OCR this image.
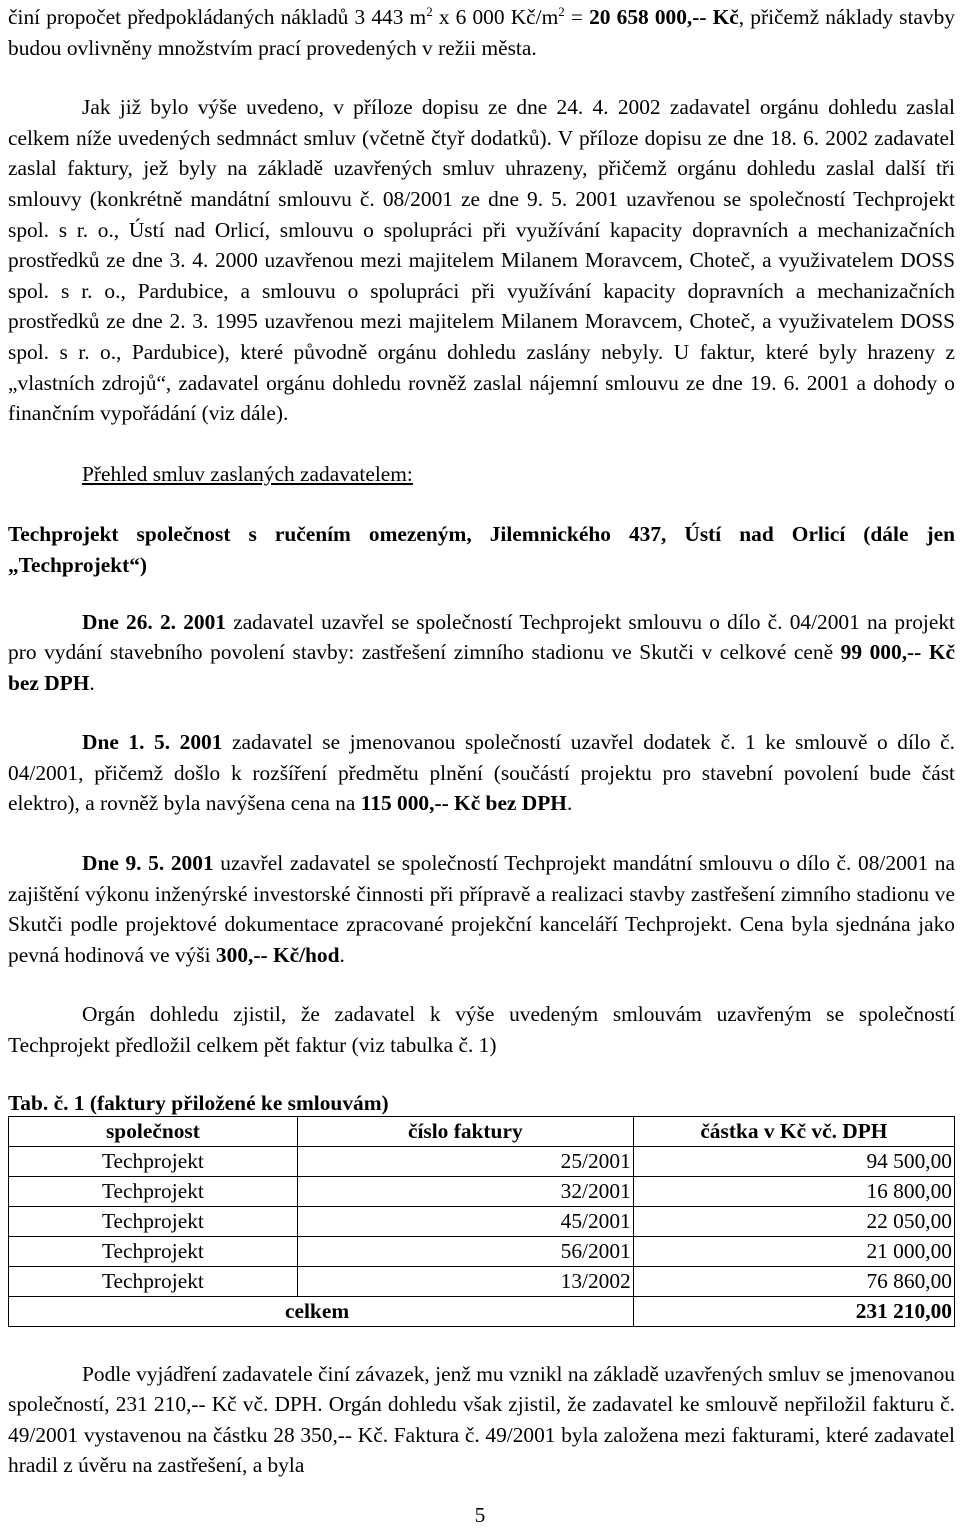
činí propočet předpokládaných nákladů 3 443 $m^2$ x 6 000 $Kč/m^2 = 20$ 658 000,-- Kč, přičemž náklady stavby budou ovlivněny množstvím prací provedených v režii města.

Jak již bylo výše uvedeno, v příloze dopisu ze dne 24. 4. 2002 zadavatel orgánu dohledu zaslal celkem níže uvedených sedmnáct smluv (včetně čtyř dodatků). V příloze dopisu ze dne 18. 6. 2002 zadavatel zaslal faktury, jež byly na základě uzavřených smluv uhrazeny, přičemž orgánu dohledu zaslal další tři smlouvy (konkrétně mandátní smlouvu č. 08/2001 ze dne 9. 5. 2001 uzavřenou se společností Techprojekt spol. s r. o., Ústí nad Orlicí, smlouvu o spolupráci při využívání kapacity dopravních a mechanizačních prostředků ze dne 3. 4. 2000 uzavřenou mezi majitelem Milanem Moravcem, Choteč, a využivatelem DOSS spol. s r. o., Pardubice, a smlouvu o spolupráci při využívání kapacity dopravních a mechanizačních prostředků ze dne 2. 3. 1995 uzavřenou mezi majitelem Milanem Moravcem, Choteč, a využivatelem DOSS spol. s r. o., Pardubice), které původně orgánu dohledu zaslány nebyly. U faktur, které byly hrazeny z „vlastních zdrojů“, zadavatel orgánu dohledu rovněž zaslal nájemní smlouvu ze dne 19. 6. 2001 a dohody o finančním vypořádání (viz dále).

Přehled smluv zaslaných zadavatelem:

Techprojekt společnost s ručením omezeným, Jilemnického 437, Ústí nad Orlicí (dále jen „Techprojekt“)

Dne 26. 2. 2001 zadavatel uzavřel se společností Techprojekt smlouvu o dílo č. 04/2001 na projekt pro vydání stavebního povolení stavby: zastřešení zimního stadionu ve Skutči v celkové ceně 99 000,-- Kč bez DPH.

Dne 1. 5. 2001 zadavatel se jmenovanou společností uzavřel dodatek č. 1 ke smlouvě o dílo č. 04/2001, přičemž došlo k rozšíření předmětu plnění (součástí projektu pro stavební povolení bude část elektro), a rovněž byla navýšena cena na 115 000,-- Kč bez DPH.

Dne 9. 5. 2001 uzavřel zadavatel se společností Techprojekt mandátní smlouvu o dílo č. 08/2001 na zajištění výkonu inženýrské investorské činnosti při přípravě a realizaci stavby zastřešení zimního stadionu ve Skutči podle projektové dokumentace zpracované projekční kanceláří Techprojekt. Cena byla sjednána jako pevná hodinová ve výši 300,-- Kč/hod.

Orgán dohledu zjistil, že zadavatel k výše uvedeným smlouvám uzavřeným se společností Techprojekt předložil celkem pět faktur (viz tabulka č. 1)

Tab. č. 1 (faktury přiložené ke smlouvám)

společnost	číslo faktury	částka v Kč vč. DPH
Techprojekt	25/2001	94 500,00
Techprojekt	32/2001	16 800,00
Techprojekt	45/2001	22 050,00
Techprojekt	56/2001	21 000,00
Techprojekt	13/2002	76 860,00
celkem		231 210,00

Podle vyjádření zadavatele činí závazek, jenž mu vznikl na základě uzavřených smluv se jmenovanou společností, 231 210,-- Kč vč. DPH. Orgán dohledu však zjistil, že zadavatel ke smlouvě nepřiložil fakturu č. 49/2001 vystavenou na částku 28 350,-- Kč. Faktura č. 49/2001 byla založena mezi fakturami, které zadavatel hradil z úvěru na zastřešení, a byla

5
